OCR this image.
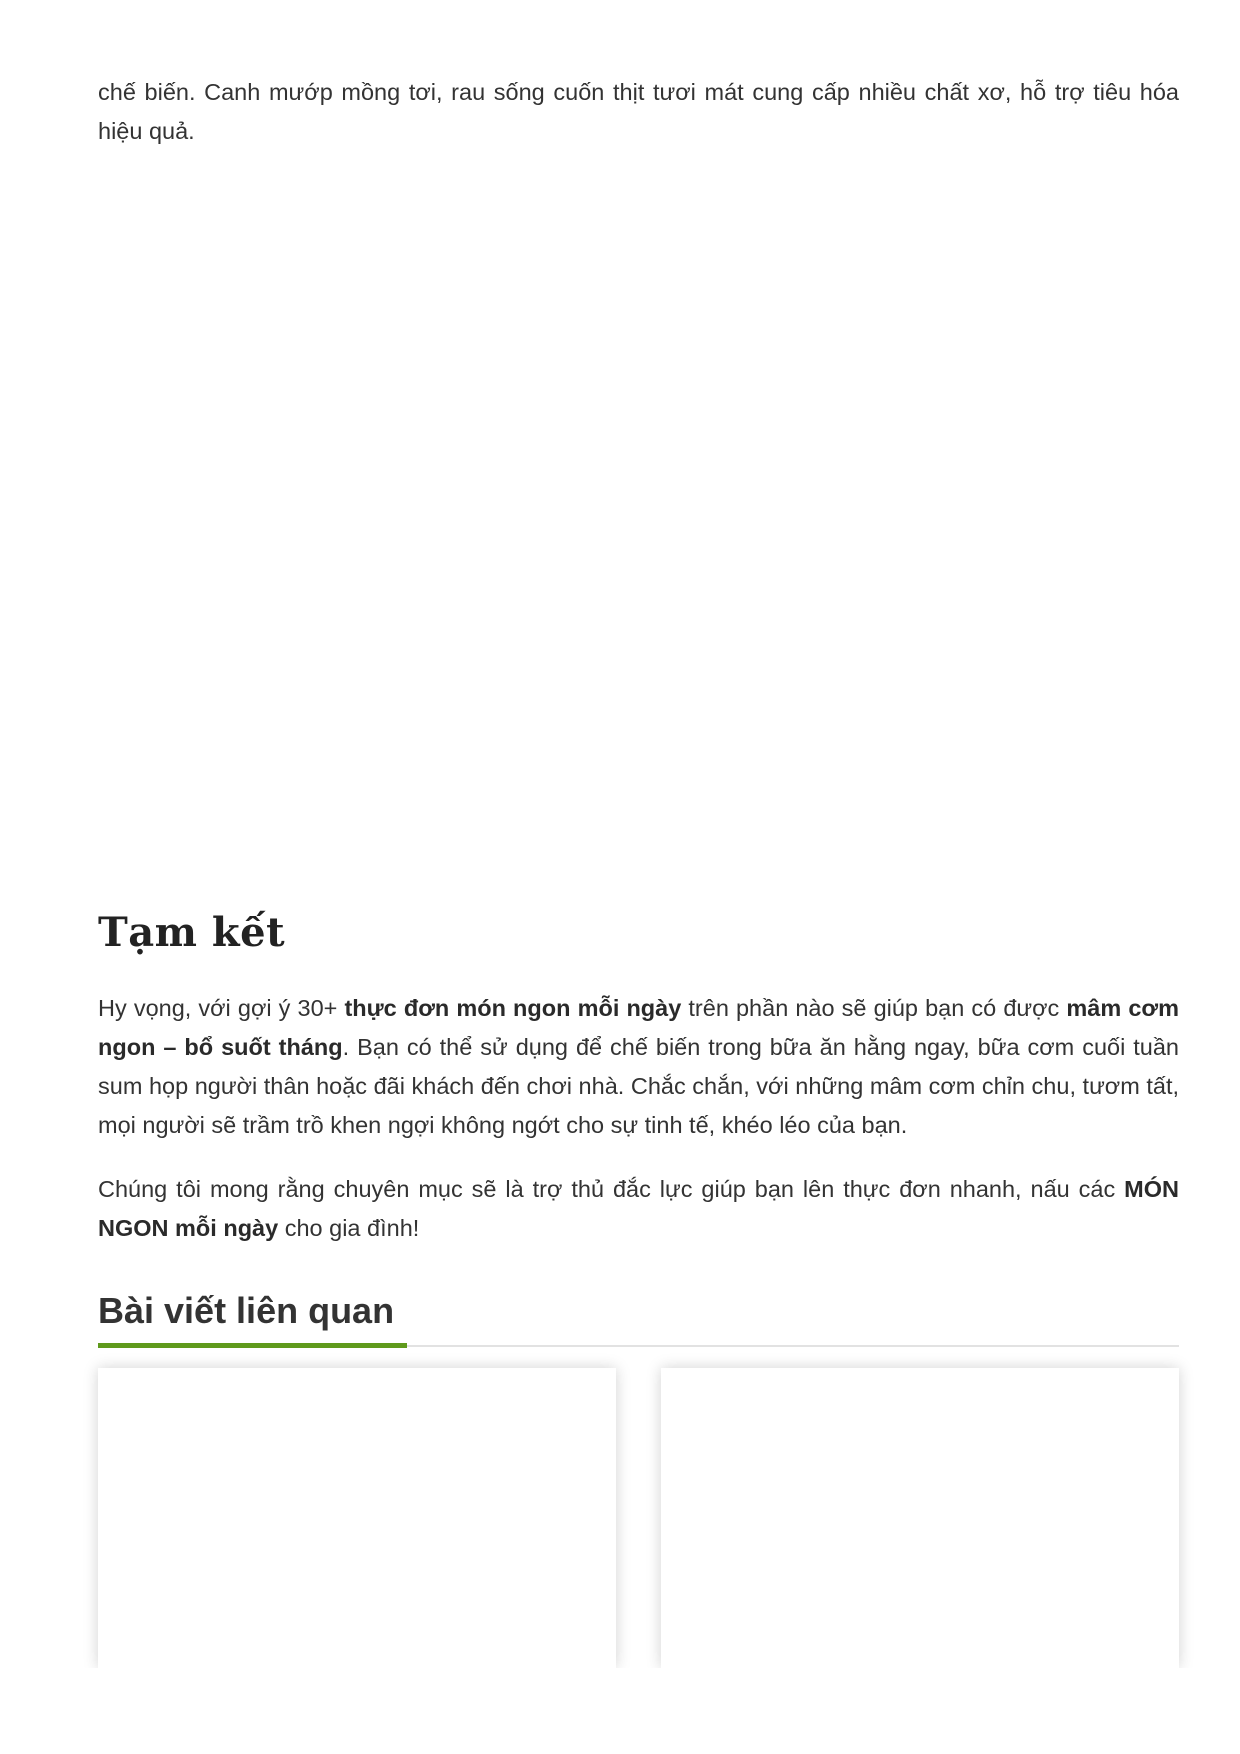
chế biến. Canh mướp mồng tơi, rau sống cuốn thịt tươi mát cung cấp nhiều chất xơ, hỗ trợ tiêu hóa hiệu quả.

Tạm kết

Hy vọng, với gợi ý 30+ thực đơn món ngon mỗi ngày trên phần nào sẽ giúp bạn có được mâm cơm ngon – bổ suốt tháng. Bạn có thể sử dụng để chế biến trong bữa ăn hằng ngay, bữa cơm cuối tuần sum họp người thân hoặc đãi khách đến chơi nhà. Chắc chắn, với những mâm cơm chỉn chu, tươm tất, mọi người sẽ trầm trồ khen ngợi không ngớt cho sự tinh tế, khéo léo của bạn.

Chúng tôi mong rằng chuyên mục sẽ là trợ thủ đắc lực giúp bạn lên thực đơn nhanh, nấu các MÓN NGON mỗi ngày cho gia đình!

Bài viết liên quan
